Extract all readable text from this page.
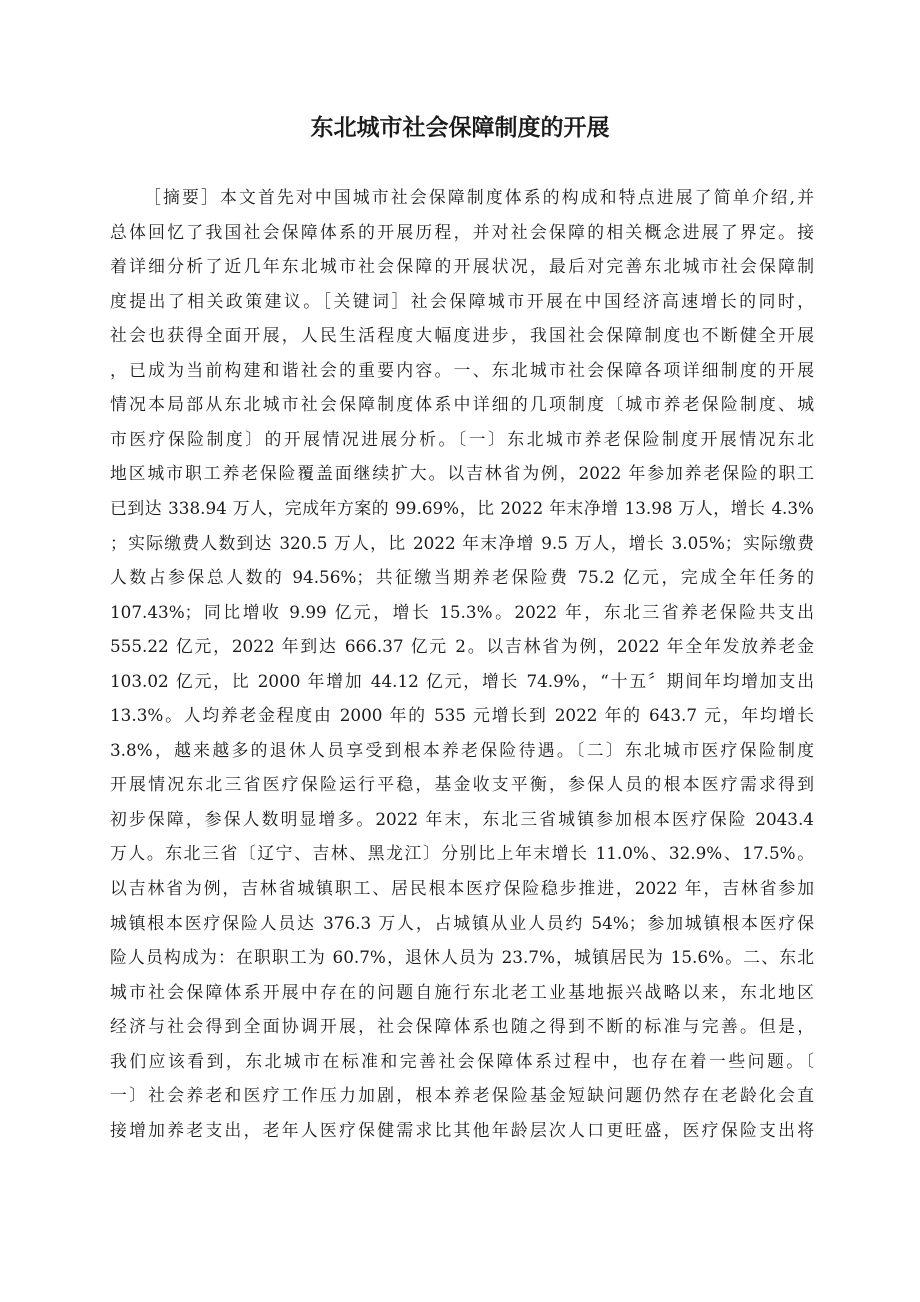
东北城市社会保障制度的开展

［摘要］本文首先对中国城市社会保障制度体系的构成和特点进展了简单介绍,并

总体回忆了我国社会保障体系的开展历程，并对社会保障的相关概念进展了界定。接

着详细分析了近几年东北城市社会保障的开展状况，最后对完善东北城市社会保障制

度提出了相关政策建议。［关键词］社会保障城市开展在中国经济高速增长的同时，

社会也获得全面开展，人民生活程度大幅度进步，我国社会保障制度也不断健全开展

，已成为当前构建和谐社会的重要内容。一、东北城市社会保障各项详细制度的开展

情况本局部从东北城市社会保障制度体系中详细的几项制度〔城市养老保险制度、城

市医疗保险制度〕的开展情况进展分析。〔一〕东北城市养老保险制度开展情况东北

地区城市职工养老保险覆盖面继续扩大。以吉林省为例，2022 年参加养老保险的职工

已到达 338.94 万人，完成年方案的 99.69%，比 2022 年末净增 13.98 万人，增长 4.3%

；实际缴费人数到达 320.5 万人，比 2022 年末净增 9.5 万人，增长 3.05%；实际缴费

人数占参保总人数的 94.56%；共征缴当期养老保险费 75.2 亿元，完成全年任务的

107.43%；同比增收 9.99 亿元，增长 15.3%。2022 年，东北三省养老保险共支出

555.22 亿元，2022 年到达 666.37 亿元 2。以吉林省为例，2022 年全年发放养老金

103.02 亿元，比 2000 年增加 44.12 亿元，增长 74.9%，“十五〞期间年均增加支出

13.3%。人均养老金程度由 2000 年的 535 元增长到 2022 年的 643.7 元，年均增长

3.8%，越来越多的退休人员享受到根本养老保险待遇。〔二〕东北城市医疗保险制度

开展情况东北三省医疗保险运行平稳，基金收支平衡，参保人员的根本医疗需求得到

初步保障，参保人数明显增多。2022 年末，东北三省城镇参加根本医疗保险 2043.4

万人。东北三省〔辽宁、吉林、黑龙江〕分别比上年末增长 11.0%、32.9%、17.5%。

以吉林省为例，吉林省城镇职工、居民根本医疗保险稳步推进，2022 年，吉林省参加

城镇根本医疗保险人员达 376.3 万人，占城镇从业人员约 54%；参加城镇根本医疗保

险人员构成为：在职职工为 60.7%，退休人员为 23.7%，城镇居民为 15.6%。二、东北

城市社会保障体系开展中存在的问题自施行东北老工业基地振兴战略以来，东北地区

经济与社会得到全面协调开展，社会保障体系也随之得到不断的标准与完善。但是，

我们应该看到，东北城市在标准和完善社会保障体系过程中，也存在着一些问题。〔

一〕社会养老和医疗工作压力加剧，根本养老保险基金短缺问题仍然存在老龄化会直

接增加养老支出，老年人医疗保健需求比其他年龄层次人口更旺盛，医疗保险支出将
